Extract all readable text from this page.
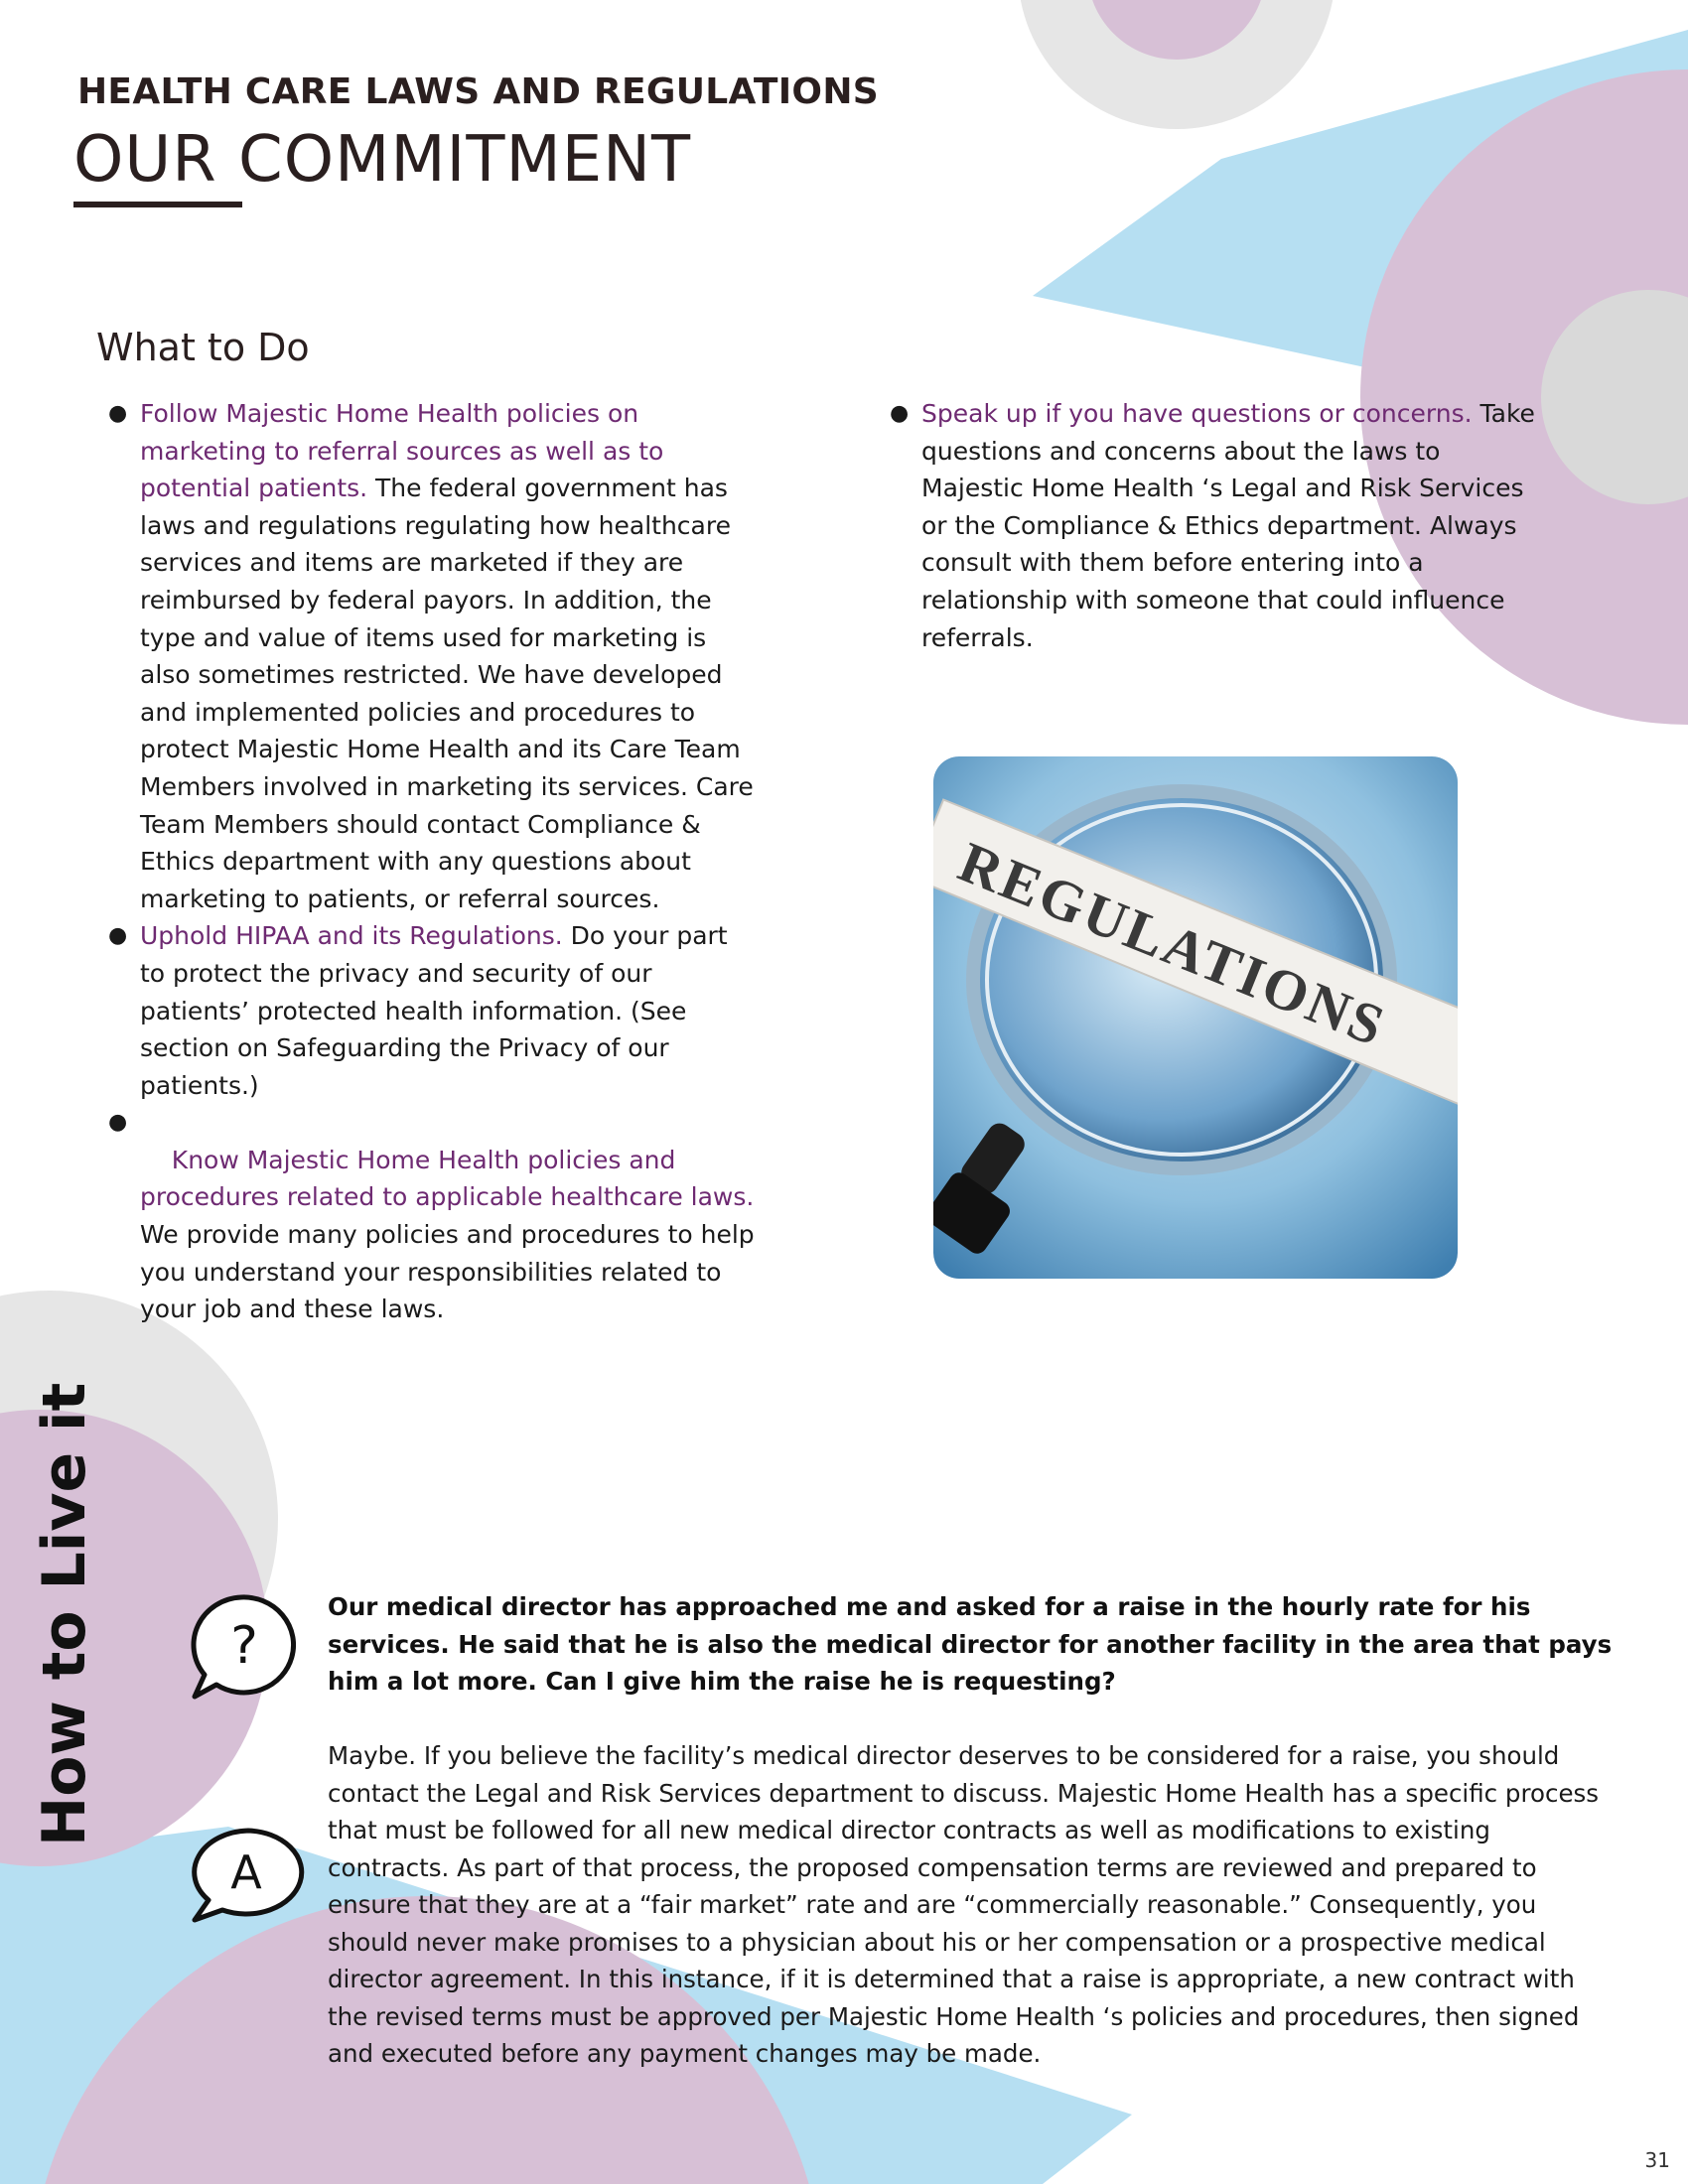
HEALTH CARE LAWS AND REGULATIONS
OUR COMMITMENT
What to Do
● Follow Majestic Home Health policies on marketing to referral sources as well as to potential patients. The federal government has laws and regulations regulating how healthcare services and items are marketed if they are reimbursed by federal payors. In addition, the type and value of items used for marketing is also sometimes restricted. We have developed and implemented policies and procedures to protect Majestic Home Health and its Care Team Members involved in marketing its services. Care Team Members should contact Compliance & Ethics department with any questions about marketing to patients, or referral sources.
● Uphold HIPAA and its Regulations. Do your part to protect the privacy and security of our patients’ protected health information. (See section on Safeguarding the Privacy of our patients.)

●
Know Majestic Home Health policies and procedures related to applicable healthcare laws.           We provide many policies and procedures to help you understand your responsibilities related to your job and these laws.

● Speak up if you have questions or concerns. Take questions and concerns about the laws to Majestic Home Health ‘s Legal and Risk Services or the Compliance & Ethics department. Always consult with them before entering into a relationship with someone that could influence referrals.
REGULATIONS
How to Live it	?
A
Our medical director has approached me and asked for a raise in the hourly rate for his services. He said that he is also the medical director for another facility in the area that pays him a lot more. Can I give him the raise he is requesting?
Maybe. If you believe the facility’s medical director deserves to be considered for a raise, you should contact the Legal and Risk Services department to discuss. Majestic Home Health has a specific process that must be followed for all new medical director contracts as well as modifications to existing contracts. As part of that process, the proposed compensation terms are reviewed and prepared to ensure that they are at a “fair market” rate and are “commercially reasonable.” Consequently, you should never make promises to a physician about his or her compensation or a prospective medical director agreement. In this instance, if it is determined that a raise is appropriate, a new contract with the revised terms must be approved per Majestic Home Health ‘s policies and procedures, then signed and executed before any payment changes may be made.
31
